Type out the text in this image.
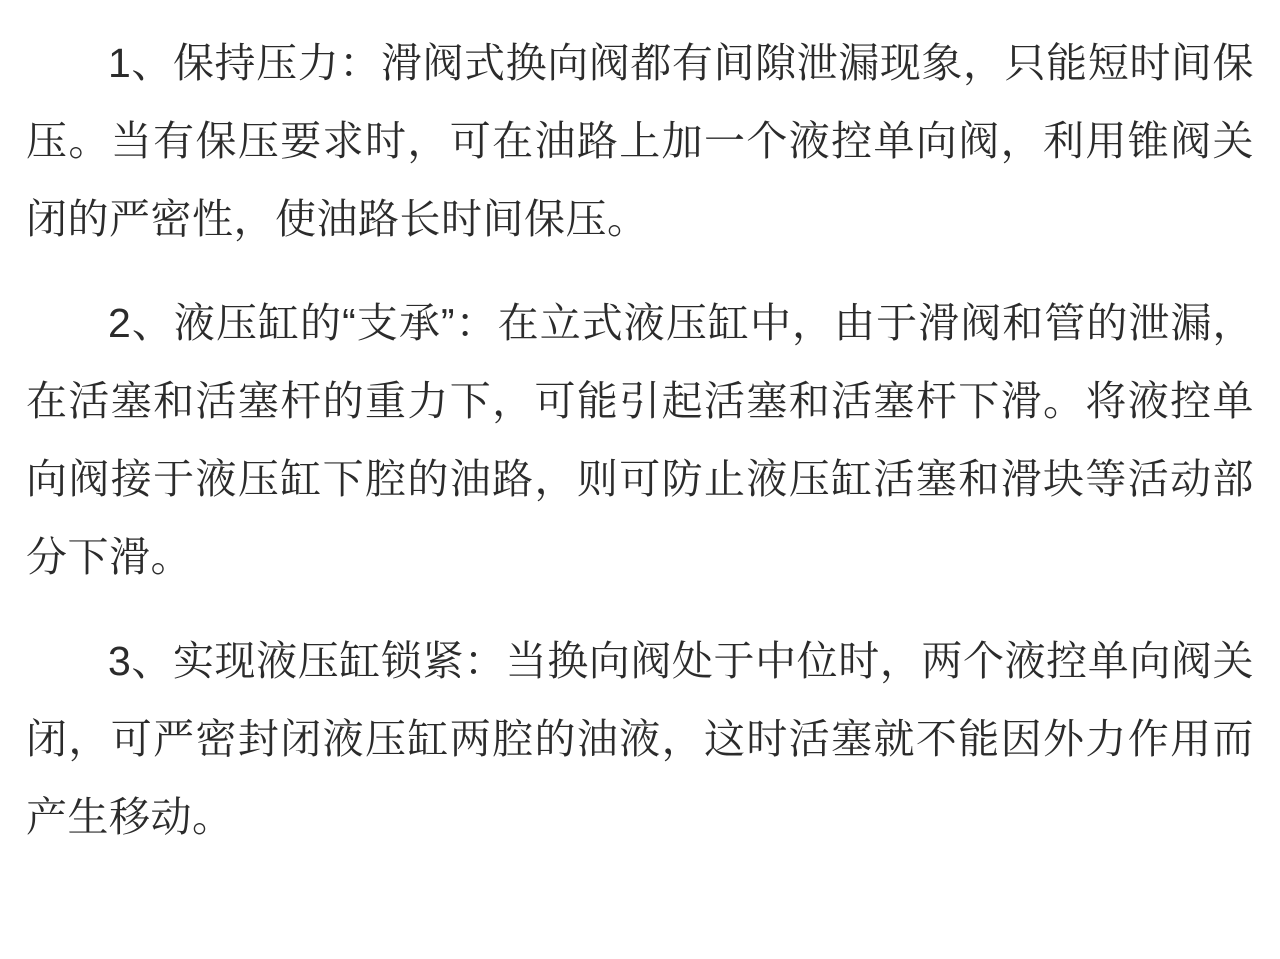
1、保持压力：滑阀式换向阀都有间隙泄漏现象，只能短时间保压。当有保压要求时，可在油路上加一个液控单向阀，利用锥阀关闭的严密性，使油路长时间保压。

2、液压缸的“支承”：在立式液压缸中，由于滑阀和管的泄漏，在活塞和活塞杆的重力下，可能引起活塞和活塞杆下滑。将液控单向阀接于液压缸下腔的油路，则可防止液压缸活塞和滑块等活动部分下滑。

3、实现液压缸锁紧：当换向阀处于中位时，两个液控单向阀关闭，可严密封闭液压缸两腔的油液，这时活塞就不能因外力作用而产生移动。
